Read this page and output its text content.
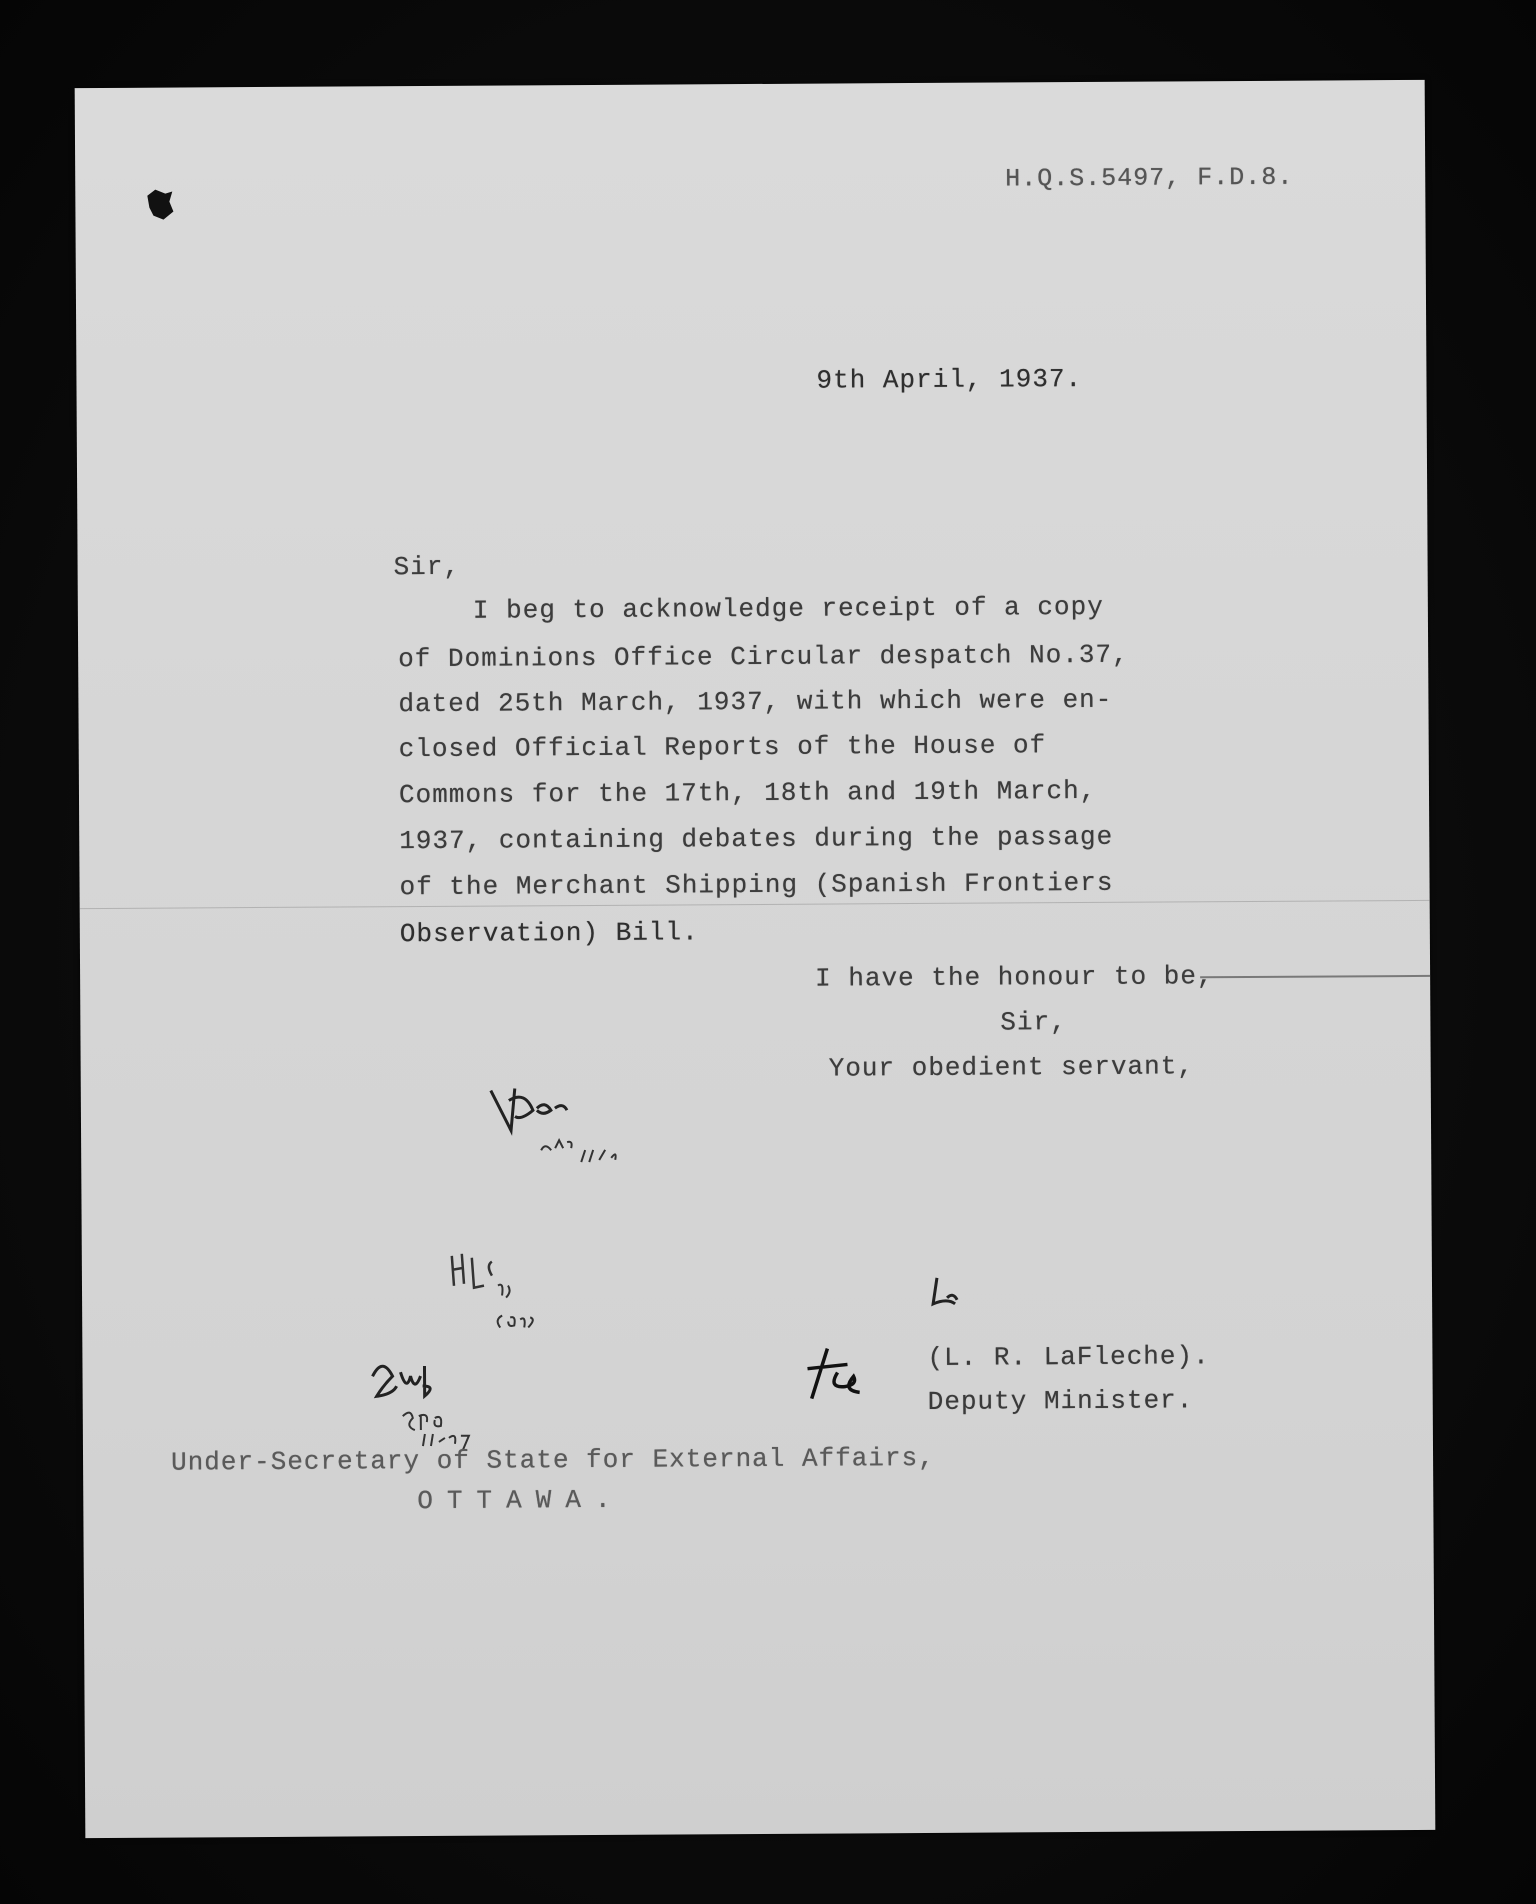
H.Q.S.5497, F.D.8.
9th April, 1937.
Sir,
I beg to acknowledge receipt of a copy
of Dominions Office Circular despatch No.37,
dated 25th March, 1937, with which were en-
closed Official Reports of the House of
Commons for the 17th, 18th and 19th March,
1937, containing debates during the passage
of the Merchant Shipping (Spanish Frontiers
Observation) Bill.
I have the honour to be,
Sir,
Your obedient servant,
(L. R. LaFleche).
Deputy Minister.
Under-Secretary of State for External Affairs,
OTTAWA.
